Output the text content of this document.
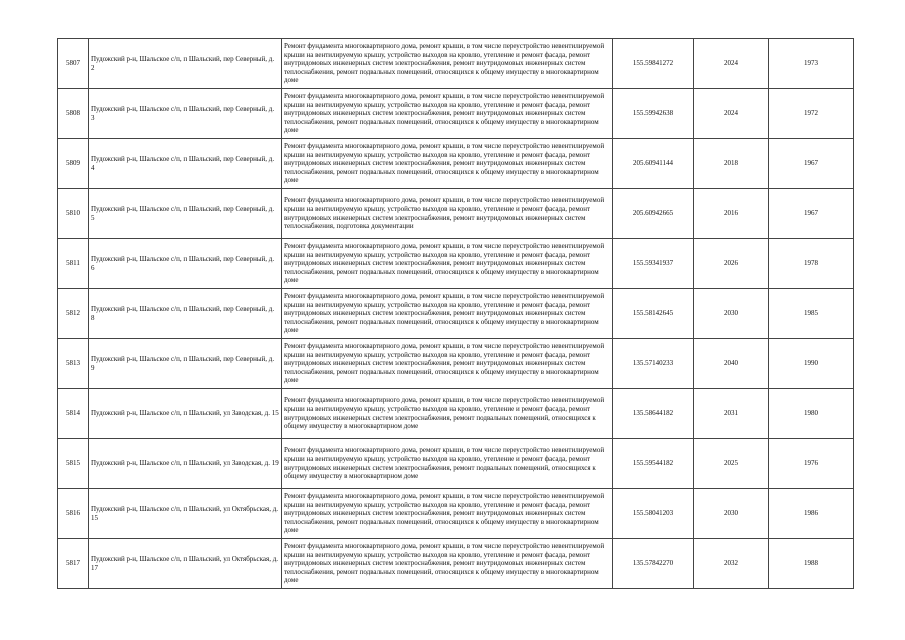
5807	Пудожский р-н, Шальское с/п, п Шальский, пер Северный, д. 2	Ремонт фундамента многоквартирного дома, ремонт крыши, в том числе переустройство невентилируемой крыши на вентилируемую крышу, устройство выходов на кровлю, утепление и ремонт фасада, ремонт внутридомовых инженерных систем электроснабжения, ремонт внутридомовых инженерных систем теплоснабжения, ремонт подвальных помещений, относящихся к общему имуществу в многоквартирном доме	155.59841272	2024	1973
5808	Пудожский р-н, Шальское с/п, п Шальский, пер Северный, д. 3	Ремонт фундамента многоквартирного дома, ремонт крыши, в том числе переустройство невентилируемой крыши на вентилируемую крышу, устройство выходов на кровлю, утепление и ремонт фасада, ремонт внутридомовых инженерных систем электроснабжения, ремонт внутридомовых инженерных систем теплоснабжения, ремонт подвальных помещений, относящихся к общему имуществу в многоквартирном доме	155.59942638	2024	1972
5809	Пудожский р-н, Шальское с/п, п Шальский, пер Северный, д. 4	Ремонт фундамента многоквартирного дома, ремонт крыши, в том числе переустройство невентилируемой крыши на вентилируемую крышу, устройство выходов на кровлю, утепление и ремонт фасада, ремонт внутридомовых инженерных систем электроснабжения, ремонт внутридомовых инженерных систем теплоснабжения, ремонт подвальных помещений, относящихся к общему имуществу в многоквартирном доме	205.60941144	2018	1967
5810	Пудожский р-н, Шальское с/п, п Шальский, пер Северный, д. 5	Ремонт фундамента многоквартирного дома, ремонт крыши, в том числе переустройство невентилируемой крыши на вентилируемую крышу, устройство выходов на кровлю, утепление и ремонт фасада, ремонт внутридомовых инженерных систем электроснабжения, ремонт внутридомовых инженерных систем теплоснабжения, подготовка документации	205.60942665	2016	1967
5811	Пудожский р-н, Шальское с/п, п Шальский, пер Северный, д. 6	Ремонт фундамента многоквартирного дома, ремонт крыши, в том числе переустройство невентилируемой крыши на вентилируемую крышу, устройство выходов на кровлю, утепление и ремонт фасада, ремонт внутридомовых инженерных систем электроснабжения, ремонт внутридомовых инженерных систем теплоснабжения, ремонт подвальных помещений, относящихся к общему имуществу в многоквартирном доме	155.59341937	2026	1978
5812	Пудожский р-н, Шальское с/п, п Шальский, пер Северный, д. 8	Ремонт фундамента многоквартирного дома, ремонт крыши, в том числе переустройство невентилируемой крыши на вентилируемую крышу, устройство выходов на кровлю, утепление и ремонт фасада, ремонт внутридомовых инженерных систем электроснабжения, ремонт внутридомовых инженерных систем теплоснабжения, ремонт подвальных помещений, относящихся к общему имуществу в многоквартирном доме	155.58142645	2030	1985
5813	Пудожский р-н, Шальское с/п, п Шальский, пер Северный, д. 9	Ремонт фундамента многоквартирного дома, ремонт крыши, в том числе переустройство невентилируемой крыши на вентилируемую крышу, устройство выходов на кровлю, утепление и ремонт фасада, ремонт внутридомовых инженерных систем электроснабжения, ремонт внутридомовых инженерных систем теплоснабжения, ремонт подвальных помещений, относящихся к общему имуществу в многоквартирном доме	135.57140233	2040	1990
5814	Пудожский р-н, Шальское с/п, п Шальский, ул Заводская, д. 15	Ремонт фундамента многоквартирного дома, ремонт крыши, в том числе переустройство невентилируемой крыши на вентилируемую крышу, устройство выходов на кровлю, утепление и ремонт фасада, ремонт внутридомовых инженерных систем электроснабжения, ремонт подвальных помещений, относящихся к общему имуществу в многоквартирном доме	135.58644182	2031	1980
5815	Пудожский р-н, Шальское с/п, п Шальский, ул Заводская, д. 19	Ремонт фундамента многоквартирного дома, ремонт крыши, в том числе переустройство невентилируемой крыши на вентилируемую крышу, устройство выходов на кровлю, утепление и ремонт фасада, ремонт внутридомовых инженерных систем электроснабжения, ремонт подвальных помещений, относящихся к общему имуществу в многоквартирном доме	155.59544182	2025	1976
5816	Пудожский р-н, Шальское с/п, п Шальский, ул Октябрьская, д. 15	Ремонт фундамента многоквартирного дома, ремонт крыши, в том числе переустройство невентилируемой крыши на вентилируемую крышу, устройство выходов на кровлю, утепление и ремонт фасада, ремонт внутридомовых инженерных систем электроснабжения, ремонт внутридомовых инженерных систем теплоснабжения, ремонт подвальных помещений, относящихся к общему имуществу в многоквартирном доме	155.58041203	2030	1986
5817	Пудожский р-н, Шальское с/п, п Шальский, ул Октябрьская, д. 17	Ремонт фундамента многоквартирного дома, ремонт крыши, в том числе переустройство невентилируемой крыши на вентилируемую крышу, устройство выходов на кровлю, утепление и ремонт фасада, ремонт внутридомовых инженерных систем электроснабжения, ремонт внутридомовых инженерных систем теплоснабжения, ремонт подвальных помещений, относящихся к общему имуществу в многоквартирном доме	135.57842270	2032	1988
